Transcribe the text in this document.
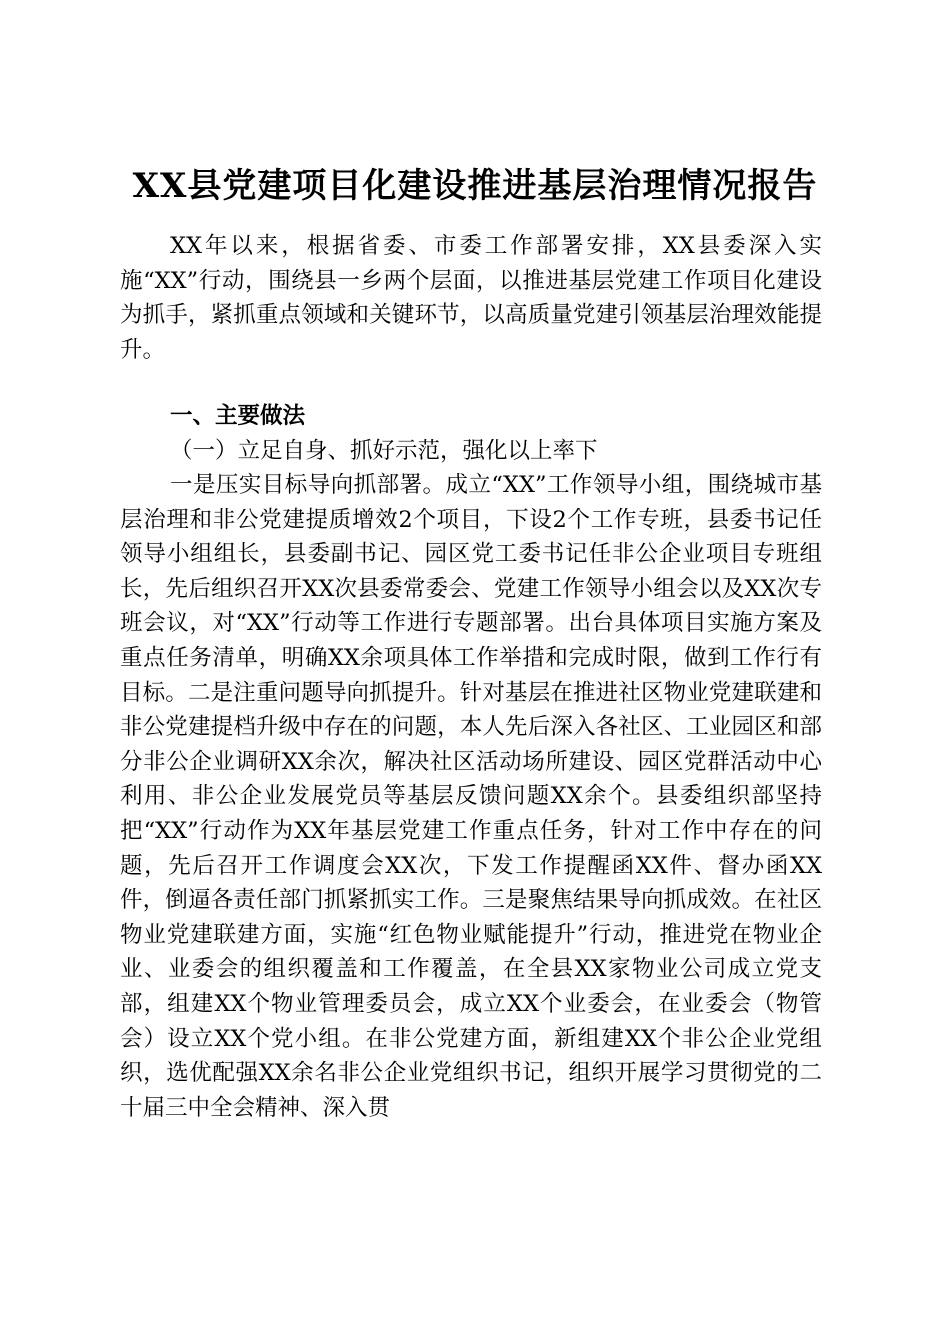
XX县党建项目化建设推进基层治理情况报告

XX年以来，根据省委、市委工作部署安排，XX县委深入实施“XX”行动，围绕县一乡两个层面，以推进基层党建工作项目化建设为抓手，紧抓重点领域和关键环节，以高质量党建引领基层治理效能提升。

一、主要做法

（一）立足自身、抓好示范，强化以上率下

一是压实目标导向抓部署。成立“XX”工作领导小组，围绕城市基层治理和非公党建提质增效2个项目，下设2个工作专班，县委书记任领导小组组长，县委副书记、园区党工委书记任非公企业项目专班组长，先后组织召开XX次县委常委会、党建工作领导小组会以及XX次专班会议，对“XX”行动等工作进行专题部署。出台具体项目实施方案及重点任务清单，明确XX余项具体工作举措和完成时限，做到工作行有目标。二是注重问题导向抓提升。针对基层在推进社区物业党建联建和非公党建提档升级中存在的问题，本人先后深入各社区、工业园区和部分非公企业调研XX余次，解决社区活动场所建设、园区党群活动中心利用、非公企业发展党员等基层反馈问题XX余个。县委组织部坚持把“XX”行动作为XX年基层党建工作重点任务，针对工作中存在的问题，先后召开工作调度会XX次，下发工作提醒函XX件、督办函XX件，倒逼各责任部门抓紧抓实工作。三是聚焦结果导向抓成效。在社区物业党建联建方面，实施“红色物业赋能提升”行动，推进党在物业企业、业委会的组织覆盖和工作覆盖，在全县XX家物业公司成立党支部，组建XX个物业管理委员会，成立XX个业委会，在业委会（物管会）设立XX个党小组。在非公党建方面，新组建XX个非公企业党组织，选优配强XX余名非公企业党组织书记，组织开展学习贯彻党的二十届三中全会精神、深入贯
